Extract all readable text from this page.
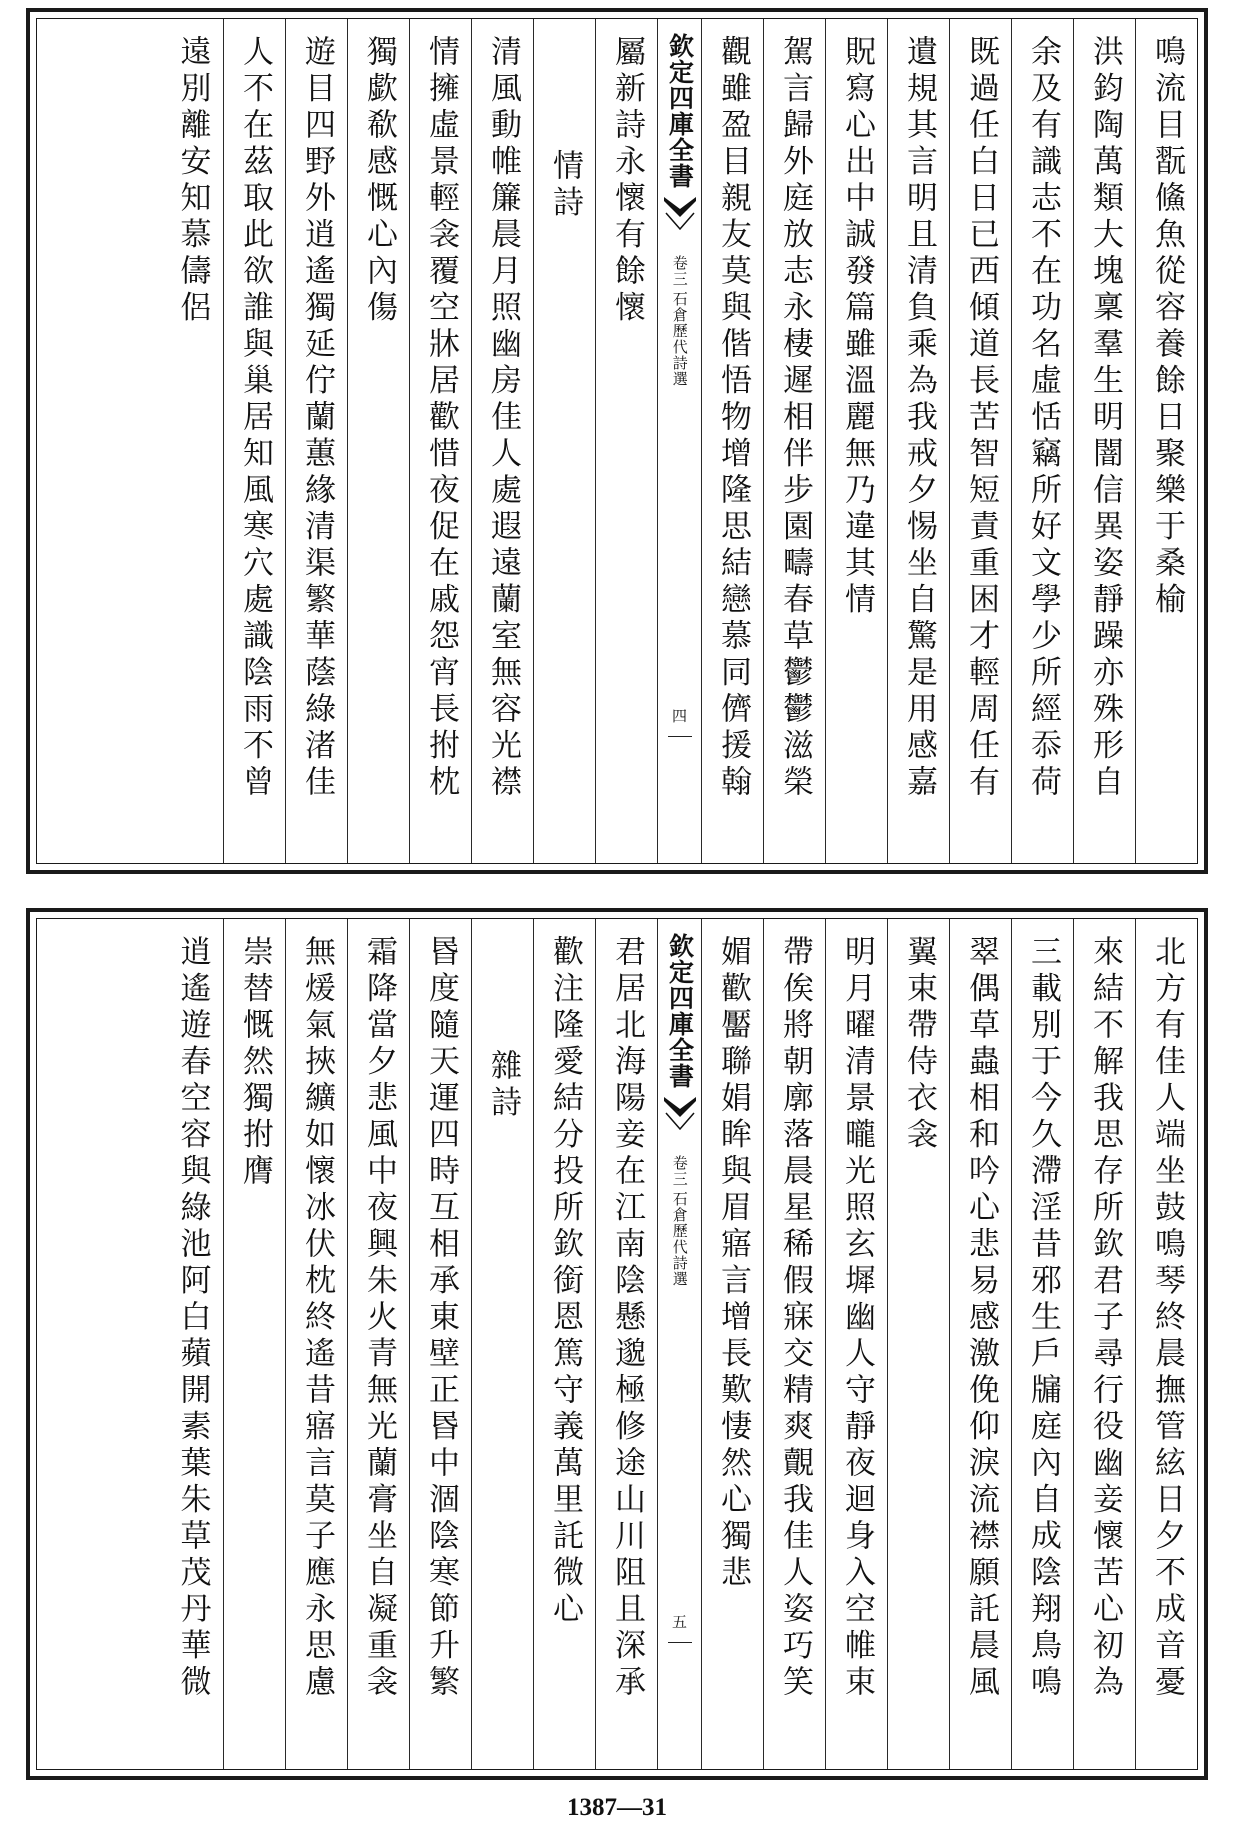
鳴流目翫鯈魚從容養餘日聚樂于桑榆
洪鈞陶萬類大塊稟羣生明闇信異姿靜躁亦殊形自
余及有識志不在功名虛恬竊所好文學少所經忝荷
既過任白日已西傾道長苦智短責重困才輕周任有
遺規其言明且清負乘為我戒夕惕坐自驚是用感嘉
貺寫心出中誠發篇雖溫麗無乃違其情
駕言歸外庭放志永棲遲相伴步園疇春草鬱鬱滋榮
觀雖盈目親友莫與偕悟物增隆思結戀慕同儕援翰
欽定四庫全書
石倉歷代詩選
卷三
四
屬新詩永懷有餘懷
情詩
清風動帷簾晨月照幽房佳人處遐遠蘭室無容光襟
情擁虛景輕衾覆空牀居歡惜夜促在戚怨宵長拊枕
獨歔欷感慨心內傷
遊目四野外逍遙獨延佇蘭蕙緣清渠繁華蔭綠渚佳
人不在茲取此欲誰與巢居知風寒穴處識陰雨不曾
遠別離安知慕儔侶
北方有佳人端坐鼓鳴琴終晨撫管絃日夕不成音憂
來結不解我思存所欽君子尋行役幽妾懷苦心初為
三載別于今久滯淫昔邪生戶牖庭內自成陰翔鳥鳴
翠偶草蟲相和吟心悲易感激俛仰淚流襟願託晨風
翼束帶侍衣衾
明月曜清景曨光照玄墀幽人守靜夜迴身入空帷束
帶俟將朝廓落晨星稀假寐交精爽覿我佳人姿巧笑
媚歡靨聯娟眸與眉寤言增長歎悽然心獨悲
欽定四庫全書
石倉歷代詩選
卷三
五
君居北海陽妾在江南陰懸邈極修途山川阻且深承
歡注隆愛結分投所欽銜恩篤守義萬里託微心
雜詩
昬度隨天運四時互相承東壁正昬中涸陰寒節升繁
霜降當夕悲風中夜興朱火青無光蘭膏坐自凝重衾
無煖氣挾纊如懷冰伏枕終遙昔寤言莫子應永思慮
崇替慨然獨拊膺
逍遙遊春空容與綠池阿白蘋開素葉朱草茂丹華微
1387—31
